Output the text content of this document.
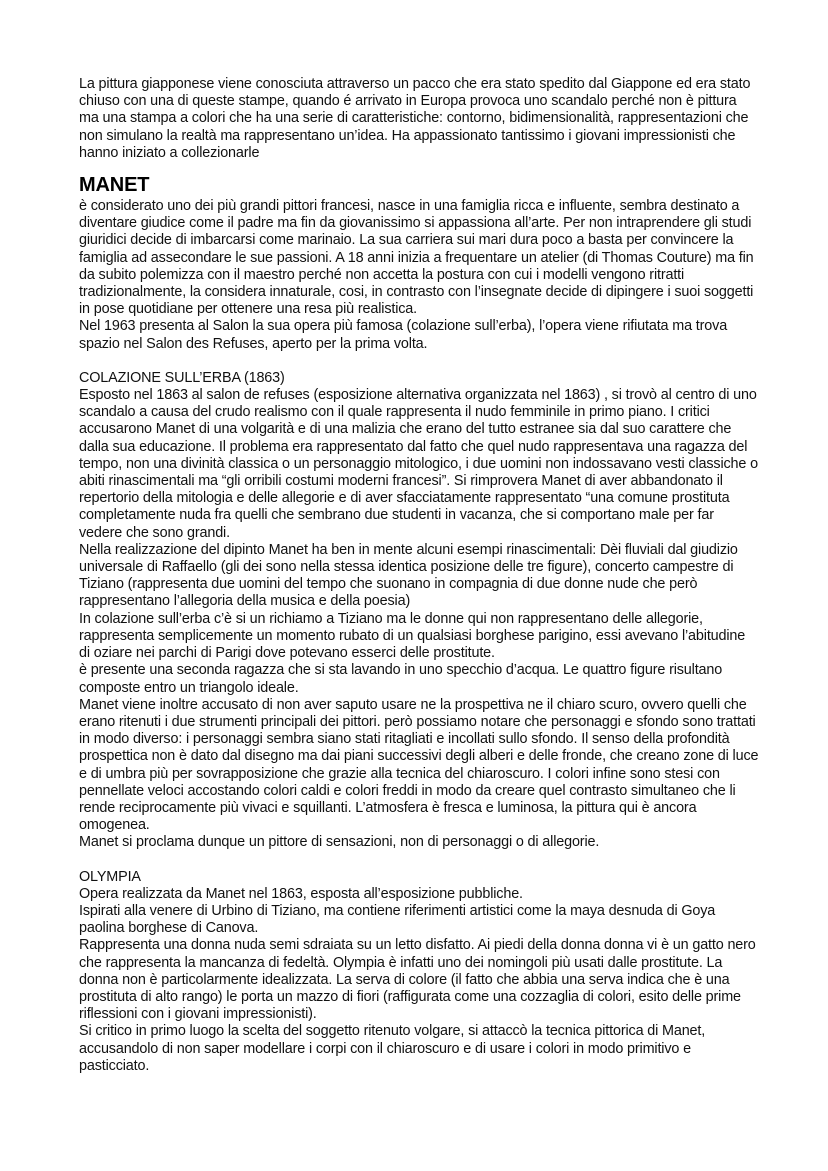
La pittura giapponese viene conosciuta attraverso un pacco che era stato spedito dal Giappone ed era stato chiuso con una di queste stampe, quando é arrivato in Europa provoca uno scandalo perché non è pittura ma una stampa a colori che ha una serie di caratteristiche: contorno, bidimensionalità, rappresentazioni che non simulano la realtà ma rappresentano un’idea. Ha appassionato tantissimo i giovani impressionisti che hanno iniziato a collezionarle

MANET

è considerato uno dei più grandi pittori francesi, nasce in una famiglia ricca e influente, sembra destinato a diventare giudice come il padre ma fin da giovanissimo si appassiona all’arte. Per non intraprendere gli studi giuridici decide di imbarcarsi come marinaio. La sua carriera sui mari dura poco a basta per convincere la famiglia ad assecondare le sue passioni. A 18 anni inizia a frequentare un atelier (di Thomas Couture) ma fin da subito polemizza con il maestro perché non accetta la postura con cui i modelli vengono ritratti tradizionalmente, la considera innaturale, cosi, in contrasto con l’insegnate decide di dipingere i suoi soggetti in pose quotidiane per ottenere una resa più realistica.

Nel 1963 presenta al Salon la sua opera più famosa (colazione sull’erba), l’opera viene rifiutata ma trova spazio nel Salon des Refuses, aperto per la prima volta.

COLAZIONE SULL’ERBA (1863)

Esposto nel 1863 al salon de refuses (esposizione alternativa organizzata nel 1863) , si trovò al centro di uno scandalo a causa del crudo realismo con il quale rappresenta il nudo femminile in primo piano. I critici accusarono Manet di una volgarità e di una malizia che erano del tutto estranee sia dal suo carattere che dalla sua educazione. Il problema era rappresentato dal fatto che quel nudo rappresentava una ragazza del tempo, non una divinità classica o un personaggio mitologico, i due uomini non indossavano vesti classiche o abiti rinascimentali ma “gli orribili costumi moderni francesi”. Si rimprovera Manet di aver abbandonato il repertorio della mitologia e delle allegorie e di aver sfacciatamente rappresentato “una comune prostituta completamente nuda fra quelli che sembrano due studenti in vacanza, che si comportano male per far vedere che sono grandi.

Nella realizzazione del dipinto Manet ha ben in mente alcuni esempi rinascimentali: Dèi fluviali dal giudizio universale di Raffaello (gli dei sono nella stessa identica posizione delle tre figure), concerto campestre di Tiziano (rappresenta due uomini del tempo che suonano in compagnia di due donne nude che però rappresentano l’allegoria della musica e della poesia)

In colazione sull’erba c’è si un richiamo a Tiziano ma le donne qui non rappresentano delle allegorie, rappresenta semplicemente un momento rubato di un qualsiasi borghese parigino, essi avevano l’abitudine di oziare nei parchi di Parigi dove potevano esserci delle prostitute.

è presente una seconda ragazza che si sta lavando in uno specchio d’acqua. Le quattro figure risultano composte entro un triangolo ideale.

Manet viene inoltre accusato di non aver saputo usare ne la prospettiva ne il chiaro scuro, ovvero quelli che erano ritenuti i due strumenti principali dei pittori. però possiamo notare che personaggi e sfondo sono trattati in modo diverso: i personaggi sembra siano stati ritagliati e incollati sullo sfondo. Il senso della profondità prospettica non è dato dal disegno ma dai piani successivi degli alberi e delle fronde, che creano zone di luce e di umbra più per sovrapposizione che grazie alla tecnica del chiaroscuro. I colori infine sono stesi con pennellate veloci accostando colori caldi e colori freddi in modo da creare quel contrasto simultaneo che li rende reciprocamente più vivaci e squillanti. L’atmosfera è fresca e luminosa, la pittura qui è ancora omogenea.

Manet si proclama dunque un pittore di sensazioni, non di personaggi o di allegorie.

OLYMPIA

Opera realizzata da Manet nel 1863, esposta all’esposizione pubbliche.

Ispirati alla venere di Urbino di Tiziano, ma contiene riferimenti artistici come la maya desnuda di Goya paolina borghese di Canova.

Rappresenta una donna nuda semi sdraiata su un letto disfatto. Ai piedi della donna donna vi è un gatto nero che rappresenta la mancanza di fedeltà. Olympia è infatti uno dei nomingoli più usati dalle prostitute. La donna non è particolarmente idealizzata. La serva di colore (il fatto che abbia una serva indica che è una prostituta di alto rango) le porta un mazzo di fiori (raffigurata come una cozzaglia di colori, esito delle prime riflessioni con i giovani impressionisti).

Si critico in primo luogo la scelta del soggetto ritenuto volgare, si attaccò la tecnica pittorica di Manet, accusandolo di non saper modellare i corpi con il chiaroscuro e di usare i colori in modo primitivo e pasticciato.
